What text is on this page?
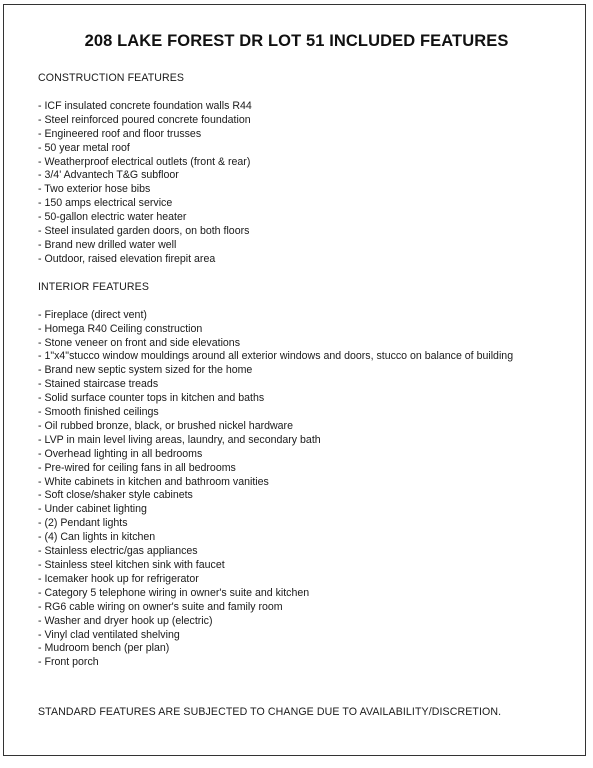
208 LAKE FOREST DR LOT 51 INCLUDED FEATURES
CONSTRUCTION FEATURES
- ICF insulated concrete foundation walls R44
- Steel reinforced poured concrete foundation
- Engineered roof and floor trusses
- 50 year metal roof
- Weatherproof electrical outlets (front & rear)
- 3/4' Advantech T&G subfloor
- Two exterior hose bibs
- 150 amps electrical service
- 50-gallon electric water heater
- Steel insulated garden doors, on both floors
- Brand new drilled water well
- Outdoor, raised elevation firepit area
INTERIOR FEATURES
- Fireplace (direct vent)
- Homega R40 Ceiling construction
- Stone veneer on front and side elevations
- 1"x4"stucco window mouldings around all exterior windows and doors, stucco on balance of building
- Brand new septic system sized for the home
- Stained staircase treads
- Solid surface counter tops in kitchen and baths
- Smooth finished ceilings
- Oil rubbed bronze, black, or brushed nickel hardware
- LVP in main level living areas, laundry, and secondary bath
- Overhead lighting in all bedrooms
- Pre-wired for ceiling fans in all bedrooms
- White cabinets in kitchen and bathroom vanities
- Soft close/shaker style cabinets
- Under cabinet lighting
- (2) Pendant lights
- (4) Can lights in kitchen
- Stainless electric/gas appliances
- Stainless steel kitchen sink with faucet
- Icemaker hook up for refrigerator
- Category 5 telephone wiring in owner's suite and kitchen
- RG6 cable wiring on owner's suite and family room
- Washer and dryer hook up (electric)
- Vinyl clad ventilated shelving
- Mudroom bench (per plan)
- Front porch
STANDARD FEATURES ARE SUBJECTED TO CHANGE DUE TO AVAILABILITY/DISCRETION.
